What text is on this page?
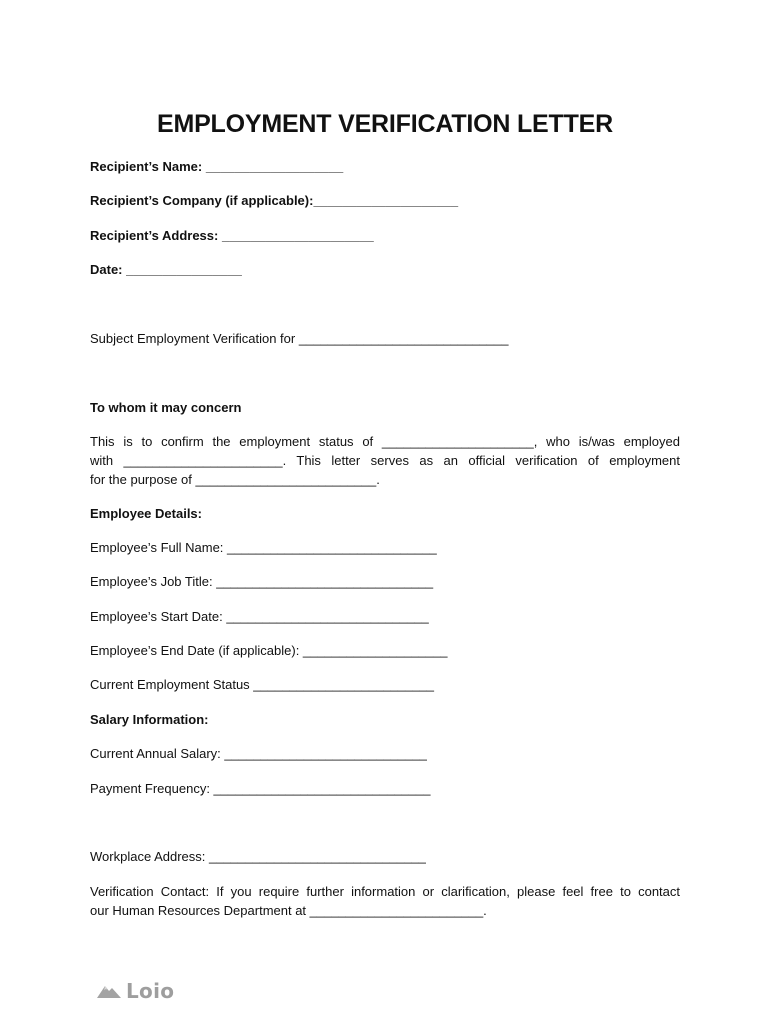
EMPLOYMENT VERIFICATION LETTER
Recipient’s Name: ___________________
Recipient’s Company (if applicable):____________________
Recipient’s Address: _____________________
Date: ________________
Subject Employment Verification for _____________________________
To whom it may concern
This is to confirm the employment status of _____________________, who is/was employed
with ______________________. This letter serves as an official verification of employment
for the purpose of _________________________.
Employee Details:
Employee’s Full Name: _____________________________
Employee’s Job Title: ______________________________
Employee’s Start Date: ____________________________
Employee’s End Date (if applicable): ____________________
Current Employment Status _________________________
Salary Information:
Current Annual Salary: ____________________________
Payment Frequency: ______________________________
Workplace Address: ______________________________
Verification Contact: If you require further information or clarification, please feel free to contact
our Human Resources Department at ________________________.
Loio
